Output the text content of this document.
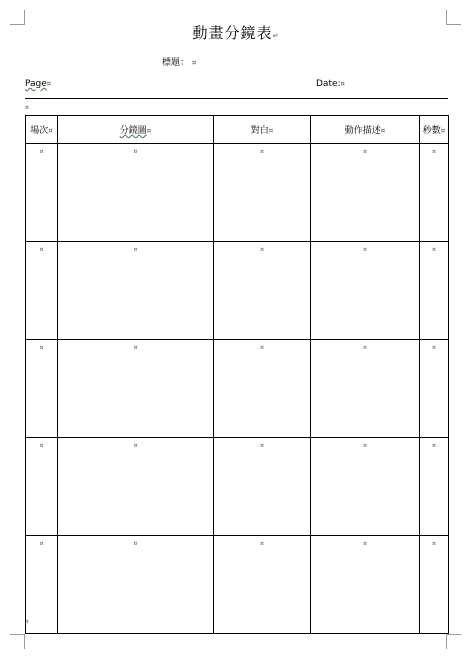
動畫分鏡表↵
標題： ¤
Page¤	Date:¤
¤
場次¤	分鏡圖¤	對白¤	動作描述¤	秒數¤
¤	¤	¤	¤	¤
¤	¤	¤	¤	¤
¤	¤	¤	¤	¤
¤	¤	¤	¤	¤
¤	¤	¤	¤	¤
¤
